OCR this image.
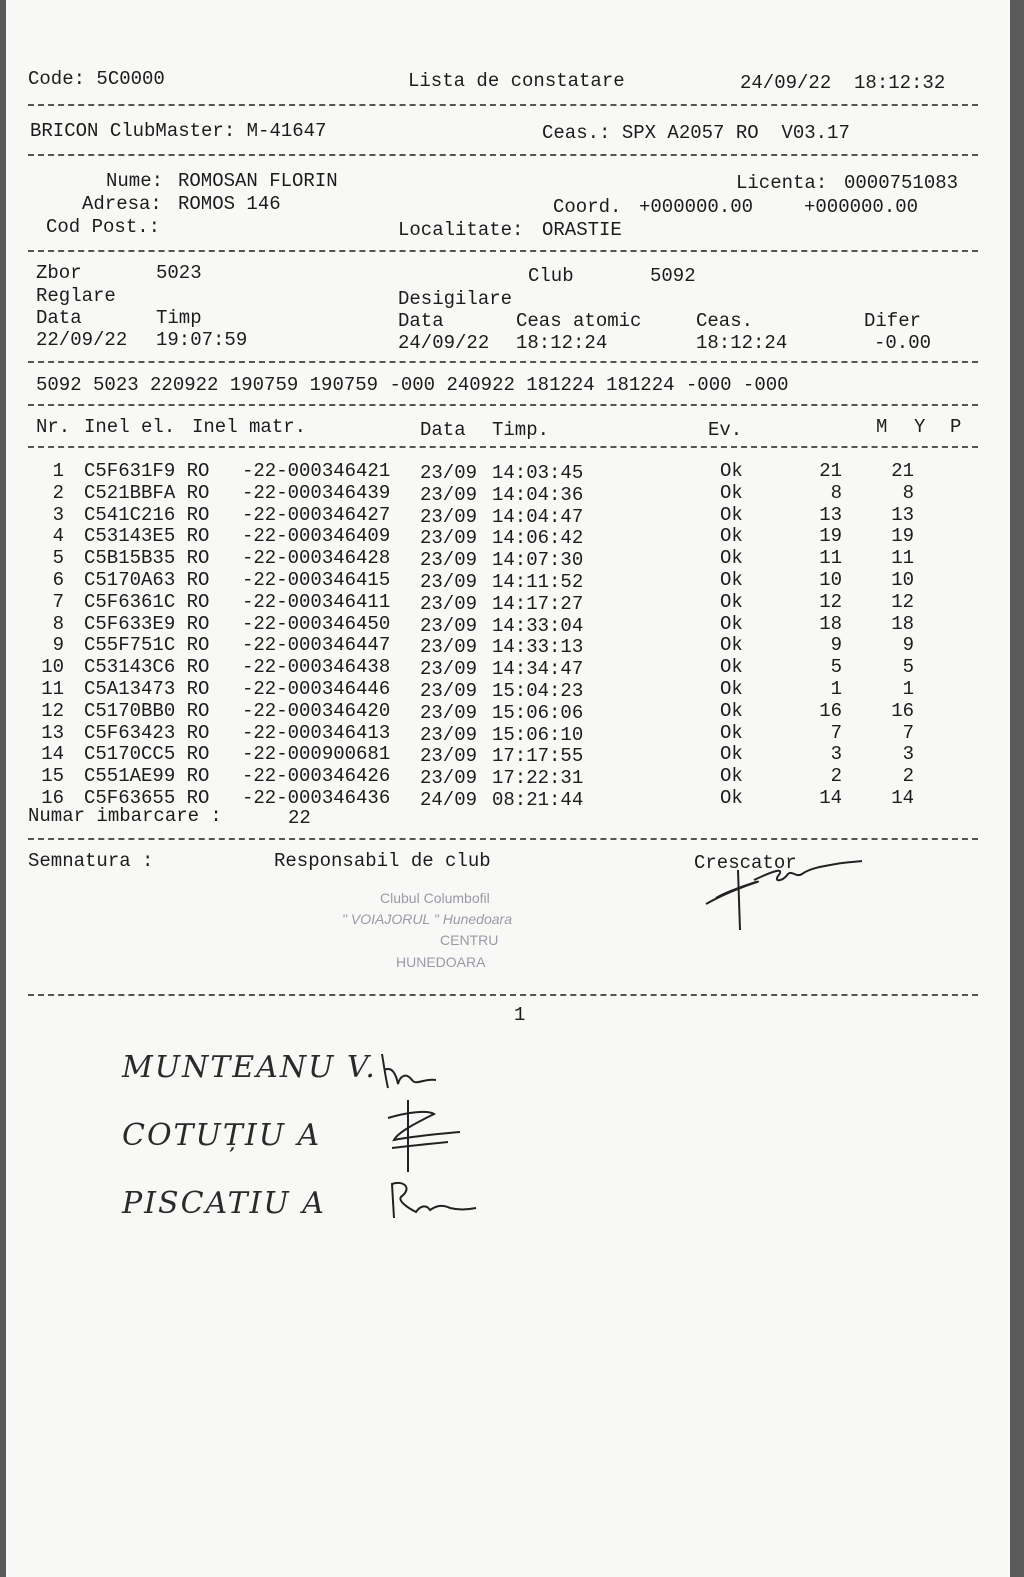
Code: 5C0000	Lista de constatare	24/09/22  18:12:32
BRICON ClubMaster: M-41647	Ceas.: SPX A2057 RO  V03.17
Nume: ROMOSAN FLORIN	Licenta: 0000751083
Adresa: ROMOS 146	Coord. +000000.00	+000000.00
Cod Post.:	Localitate: ORASTIE
Zbor	5023	Club	5092
Reglare	Desigilare
Data	Timp	Data	Ceas atomic	Ceas.	Difer
22/09/22 19:07:59	24/09/22 18:12:24	18:12:24	-0.00
5092 5023 220922 190759 190759 -000 240922 181224 181224 -000 -000
Nr. Inel el. Inel matr.	Data Timp.	Ev.	M Y P
1 C5F631F9 RO -22-000346421 23/09 14:03:45	Ok	21	21
2 C521BBFA RO -22-000346439 23/09 14:04:36	Ok	8	8
3 C541C216 RO -22-000346427 23/09 14:04:47	Ok	13	13
4 C53143E5 RO -22-000346409 23/09 14:06:42	Ok	19	19
5 C5B15B35 RO -22-000346428 23/09 14:07:30	Ok	11	11
6 C5170A63 RO -22-000346415 23/09 14:11:52	Ok	10	10
7 C5F6361C RO -22-000346411 23/09 14:17:27	Ok	12	12
8 C5F633E9 RO -22-000346450 23/09 14:33:04	Ok	18	18
9 C55F751C RO -22-000346447 23/09 14:33:13	Ok	9	9
10 C53143C6 RO -22-000346438 23/09 14:34:47	Ok	5	5
11 C5A13473 RO -22-000346446 23/09 15:04:23	Ok	1	1
12 C5170BB0 RO -22-000346420 23/09 15:06:06	Ok	16	16
13 C5F63423 RO -22-000346413 23/09 15:06:10	Ok	7	7
14 C5170CC5 RO -22-000900681 23/09 17:17:55	Ok	3	3
15 C551AE99 RO -22-000346426 23/09 17:22:31	Ok	2	2
16 C5F63655 RO -22-000346436 24/09 08:21:44	Ok	14	14
Numar imbarcare :	22
Semnatura :	Responsabil de club	Crescator
Clubul Columbofil
" VOIAJORUL " Hunedoara
CENTRU
HUNEDOARA
1
MUNTEANU V.
COTUȚIU A
PISCATIU A
